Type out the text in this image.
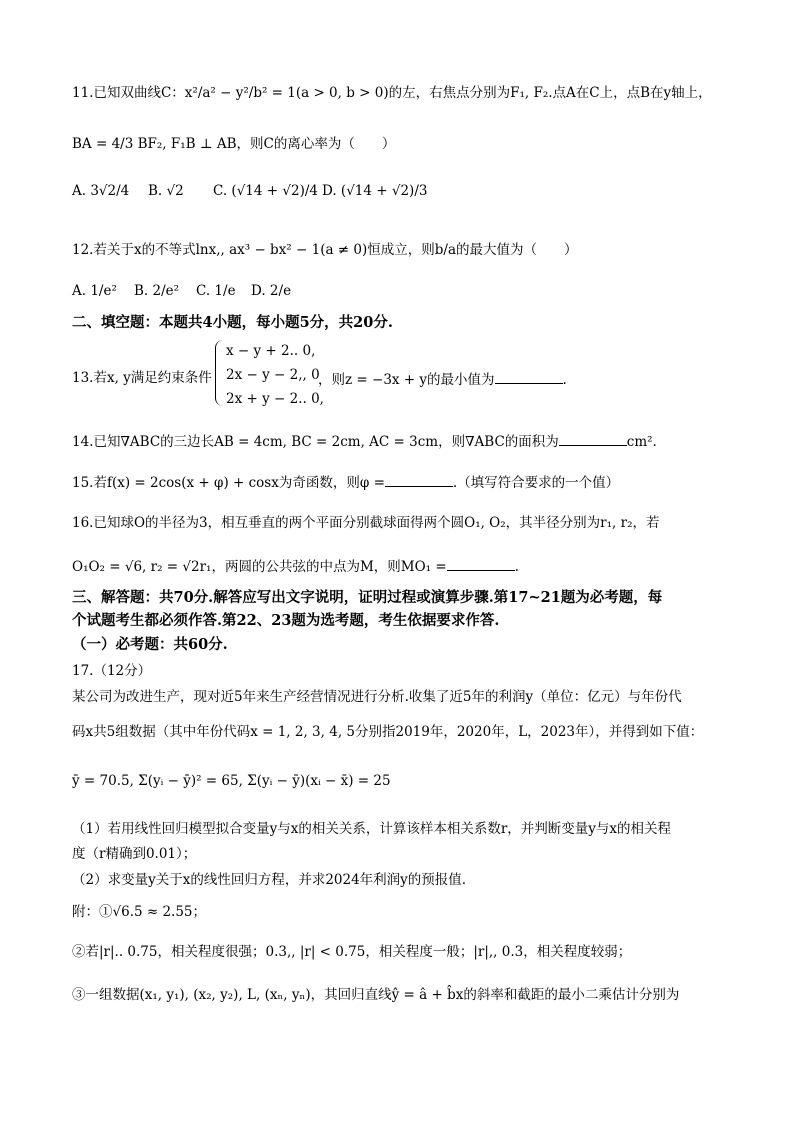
11.已知双曲线C：x²/a² − y²/b² = 1(a > 0, b > 0)的左，右焦点分别为F₁, F₂.点A在C上，点B在y轴上，
BA = 4/3 BF₂, F₁B ⊥ AB，则C的离心率为（　　）
A. 3√2/4 B. √2 C. (√14 + √2)/4 D. (√14 + √2)/3
12.若关于x的不等式lnx,, ax³ − bx² − 1(a ≠ 0)恒成立，则b/a的最大值为（　　）
A. 1/e² B. 2/e² C. 1/e D. 2/e
二、填空题：本题共4小题，每小题5分，共20分.
13.若x, y满足约束条件
x − y + 2.. 0,
2x − y − 2,, 0
2x + y − 2.. 0,
，则z = −3x + y的最小值为	.
14.已知∇ABC的三边长AB = 4cm, BC = 2cm, AC = 3cm，则∇ABC的面积为	cm².
15.若f(x) = 2cos(x + φ) + cosx为奇函数，则φ =	.（填写符合要求的一个值）
16.已知球O的半径为3，相互垂直的两个平面分别截球面得两个圆O₁, O₂，其半径分别为r₁, r₂，若
O₁O₂ = √6, r₂ = √2r₁，两圆的公共弦的中点为M，则MO₁ =	.
三、解答题：共70分.解答应写出文字说明，证明过程或演算步骤.第17~21题为必考题，每
个试题考生都必须作答.第22、23题为选考题，考生依据要求作答.
（一）必考题：共60分.
17.（12分）
某公司为改进生产，现对近5年来生产经营情况进行分析.收集了近5年的利润y（单位：亿元）与年份代
码x共5组数据（其中年份代码x = 1, 2, 3, 4, 5分别指2019年，2020年，L，2023年），并得到如下值：
ȳ = 70.5, Σ(yᵢ − ȳ)² = 65, Σ(yᵢ − ȳ)(xᵢ − x̄) = 25
（1）若用线性回归模型拟合变量y与x的相关关系，计算该样本相关系数r，并判断变量y与x的相关程
度（r精确到0.01）；
（2）求变量y关于x的线性回归方程，并求2024年利润y的预报值.
附：①√6.5 ≈ 2.55；
②若|r|.. 0.75，相关程度很强；0.3,, |r| < 0.75，相关程度一般；|r|,, 0.3，相关程度较弱；
③一组数据(x₁, y₁), (x₂, y₂), L, (xₙ, yₙ)，其回归直线ŷ = â + b̂x的斜率和截距的最小二乘估计分别为
